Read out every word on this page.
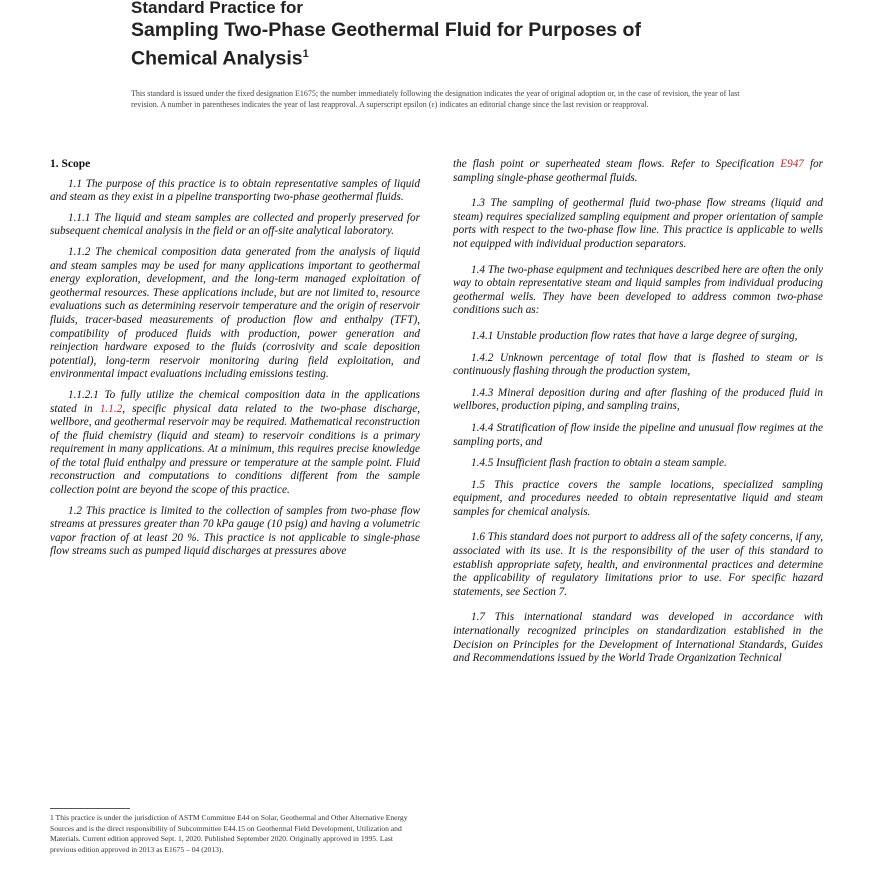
Standard Practice for
Sampling Two-Phase Geothermal Fluid for Purposes of
Chemical Analysis$^1$
This standard is issued under the fixed designation E1675; the number immediately following the designation indicates the year of original adoption or, in the case of revision, the year of last revision. A number in parentheses indicates the year of last reapproval. A superscript epsilon (ε) indicates an editorial change since the last revision or reapproval.
1. Scope

1.1 The purpose of this practice is to obtain representative samples of liquid and steam as they exist in a pipeline transporting two-phase geothermal fluids.

1.1.1 The liquid and steam samples are collected and properly preserved for subsequent chemical analysis in the field or an off-site analytical laboratory.

1.1.2 The chemical composition data generated from the analysis of liquid and steam samples may be used for many applications important to geothermal energy exploration, development, and the long-term managed exploitation of geothermal resources. These applications include, but are not limited to, resource evaluations such as determining reservoir temperature and the origin of reservoir fluids, tracer-based measurements of production flow and enthalpy (TFT), compatibility of produced fluids with production, power generation and reinjection hardware exposed to the fluids (corrosivity and scale deposition potential), long-term reservoir monitoring during field exploitation, and environmental impact evaluations including emissions testing.

1.1.2.1 To fully utilize the chemical composition data in the applications stated in 1.1.2, specific physical data related to the two-phase discharge, wellbore, and geothermal reservoir may be required. Mathematical reconstruction of the fluid chemistry (liquid and steam) to reservoir conditions is a primary requirement in many applications. At a minimum, this requires precise knowledge of the total fluid enthalpy and pressure or temperature at the sample point. Fluid reconstruction and computations to conditions different from the sample collection point are beyond the scope of this practice.

1.2 This practice is limited to the collection of samples from two-phase flow streams at pressures greater than 70 kPa gauge (10 psig) and having a volumetric vapor fraction of at least 20 %. This practice is not applicable to single-phase flow streams such as pumped liquid discharges at pressures above

the flash point or superheated steam flows. Refer to Specification E947 for sampling single-phase geothermal fluids.

1.3 The sampling of geothermal fluid two-phase flow streams (liquid and steam) requires specialized sampling equipment and proper orientation of sample ports with respect to the two-phase flow line. This practice is applicable to wells not equipped with individual production separators.

1.4 The two-phase equipment and techniques described here are often the only way to obtain representative steam and liquid samples from individual producing geothermal wells. They have been developed to address common two-phase conditions such as:

1.4.1 Unstable production flow rates that have a large degree of surging,

1.4.2 Unknown percentage of total flow that is flashed to steam or is continuously flashing through the production system,

1.4.3 Mineral deposition during and after flashing of the produced fluid in wellbores, production piping, and sampling trains,

1.4.4 Stratification of flow inside the pipeline and unusual flow regimes at the sampling ports, and

1.4.5 Insufficient flash fraction to obtain a steam sample.

1.5 This practice covers the sample locations, specialized sampling equipment, and procedures needed to obtain representative liquid and steam samples for chemical analysis.

1.6 This standard does not purport to address all of the safety concerns, if any, associated with its use. It is the responsibility of the user of this standard to establish appropriate safety, health, and environmental practices and determine the applicability of regulatory limitations prior to use. For specific hazard statements, see Section 7.

1.7 This international standard was developed in accordance with internationally recognized principles on standardization established in the Decision on Principles for the Development of International Standards, Guides and Recommendations issued by the World Trade Organization Technical

1 This practice is under the jurisdiction of ASTM Committee E44 on Solar, Geothermal and Other Alternative Energy Sources and is the direct responsibility of Subcommittee E44.15 on Geothermal Field Development, Utilization and Materials. Current edition approved Sept. 1, 2020. Published September 2020. Originally approved in 1995. Last previous edition approved in 2013 as E1675 – 04 (2013).
